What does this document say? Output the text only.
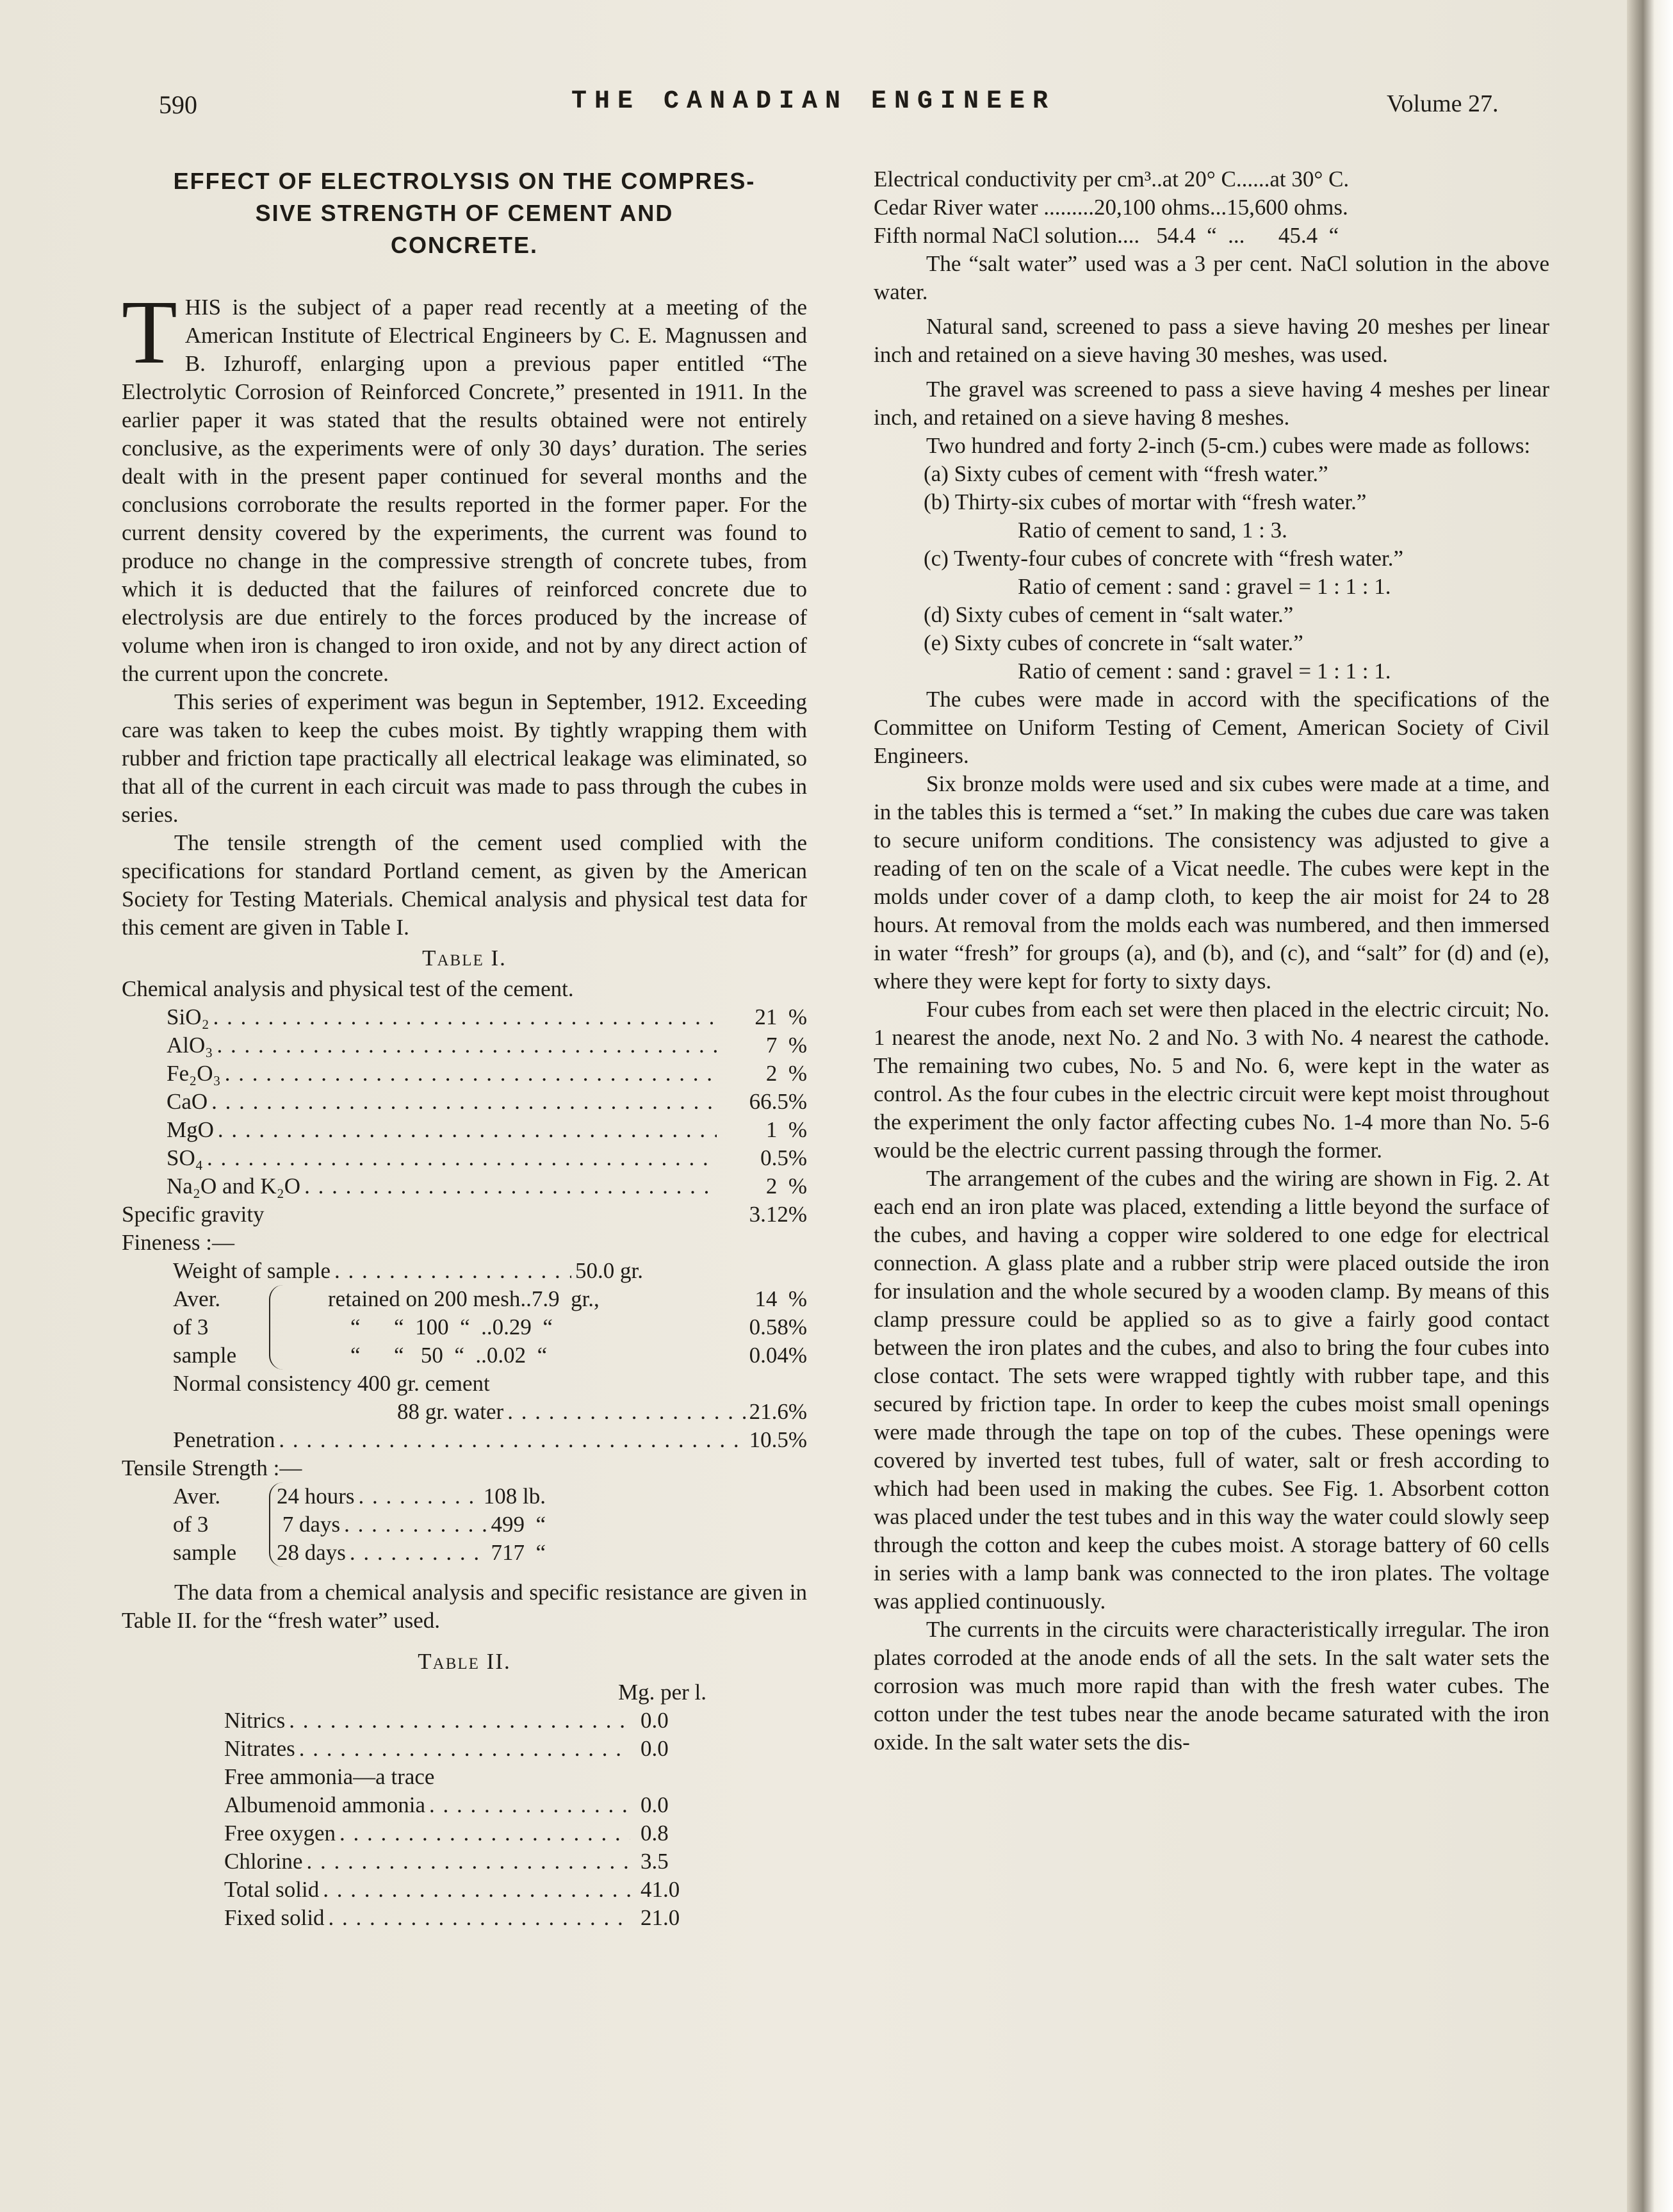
590	THE CANADIAN ENGINEER	Volume 27.
EFFECT OF ELECTROLYSIS ON THE COMPRES-
SIVE STRENGTH OF CEMENT AND
CONCRETE.

THIS is the subject of a paper read recently at a meeting of the American Institute of Electrical Engineers by C. E. Magnussen and B. Izhuroff, enlarging upon a previous paper entitled “The Electrolytic Corrosion of Reinforced Concrete,” presented in 1911. In the earlier paper it was stated that the results obtained were not entirely conclusive, as the experiments were of only 30 days’ duration. The series dealt with in the present paper continued for several months and the conclusions corroborate the results reported in the former paper. For the current density covered by the experiments, the current was found to produce no change in the compressive strength of concrete tubes, from which it is deducted that the failures of reinforced concrete due to electrolysis are due entirely to the forces produced by the increase of volume when iron is changed to iron oxide, and not by any direct action of the current upon the concrete.

This series of experiment was begun in September, 1912. Exceeding care was taken to keep the cubes moist. By tightly wrapping them with rubber and friction tape practically all electrical leakage was eliminated, so that all of the current in each circuit was made to pass through the cubes in series.

The tensile strength of the cement used complied with the specifications for standard Portland cement, as given by the American Society for Testing Materials. Chemical analysis and physical test data for this cement are given in Table I.

Table I.
Chemical analysis and physical test of the cement.
SiO₂ . . .	21  %
AlO₃ . . .	7  %
Fe₂O₃ . . .	2  %
CaO . . .	66.5%
MgO . . .	1  %
SO₄ . . .	0.5%
Na₂O and K₂O . . .	2  %
Specific gravity	3.12%
Fineness :—
Weight of sample . . .	50.0 gr.
Aver.
of 3
sample
retained on 200 mesh..7.9  gr.,	14  %
“      “  100  “  ..0.29  “	0.58%
“      “   50  “  ..0.02  “	0.04%
Normal consistency 400 gr. cement
88 gr. water . . .	21.6%
Penetration . . .	10.5%
Tensile Strength :—
Aver.
of 3
sample
24 hours . . .	108 lb.
7 days . . .	499  “
28 days . . .	717  “

The data from a chemical analysis and specific resistance are given in Table II. for the “fresh water” used.

Table II.
Mg. per l.
Nitrics . . .	0.0
Nitrates . . .	0.0
Free ammonia—a trace
Albumenoid ammonia . . .	0.0
Free oxygen . . .	0.8
Chlorine . . .	3.5
Total solid . . .	41.0
Fixed solid . . .	21.0
Electrical conductivity per cm³..at 20° C......at 30° C.
Cedar River water .........20,100 ohms...15,600 ohms.
Fifth normal NaCl solution....   54.4  “  ...      45.4  “

The “salt water” used was a 3 per cent. NaCl solution in the above water.

Natural sand, screened to pass a sieve having 20 meshes per linear inch and retained on a sieve having 30 meshes, was used.

The gravel was screened to pass a sieve having 4 meshes per linear inch, and retained on a sieve having 8 meshes.

Two hundred and forty 2-inch (5-cm.) cubes were made as follows:

(a) Sixty cubes of cement with “fresh water.”

(b) Thirty-six cubes of mortar with “fresh water.”

Ratio of cement to sand, 1 : 3.

(c) Twenty-four cubes of concrete with “fresh water.”

Ratio of cement : sand : gravel = 1 : 1 : 1.

(d) Sixty cubes of cement in “salt water.”

(e) Sixty cubes of concrete in “salt water.”

Ratio of cement : sand : gravel = 1 : 1 : 1.

The cubes were made in accord with the specifications of the Committee on Uniform Testing of Cement, American Society of Civil Engineers.

Six bronze molds were used and six cubes were made at a time, and in the tables this is termed a “set.” In making the cubes due care was taken to secure uniform conditions. The consistency was adjusted to give a reading of ten on the scale of a Vicat needle. The cubes were kept in the molds under cover of a damp cloth, to keep the air moist for 24 to 28 hours. At removal from the molds each was numbered, and then immersed in water “fresh” for groups (a), and (b), and (c), and “salt” for (d) and (e), where they were kept for forty to sixty days.

Four cubes from each set were then placed in the electric circuit; No. 1 nearest the anode, next No. 2 and No. 3 with No. 4 nearest the cathode. The remaining two cubes, No. 5 and No. 6, were kept in the water as control. As the four cubes in the electric circuit were kept moist throughout the experiment the only factor affecting cubes No. 1-4 more than No. 5-6 would be the electric current passing through the former.

The arrangement of the cubes and the wiring are shown in Fig. 2. At each end an iron plate was placed, extending a little beyond the surface of the cubes, and having a copper wire soldered to one edge for electrical connection. A glass plate and a rubber strip were placed outside the iron for insulation and the whole secured by a wooden clamp. By means of this clamp pressure could be applied so as to give a fairly good contact between the iron plates and the cubes, and also to bring the four cubes into close contact. The sets were wrapped tightly with rubber tape, and this secured by friction tape. In order to keep the cubes moist small openings were made through the tape on top of the cubes. These openings were covered by inverted test tubes, full of water, salt or fresh according to which had been used in making the cubes. See Fig. 1. Absorbent cotton was placed under the test tubes and in this way the water could slowly seep through the cotton and keep the cubes moist. A storage battery of 60 cells in series with a lamp bank was connected to the iron plates. The voltage was applied continuously.

The currents in the circuits were characteristically irregular. The iron plates corroded at the anode ends of all the sets. In the salt water sets the corrosion was much more rapid than with the fresh water cubes. The cotton under the test tubes near the anode became saturated with the iron oxide. In the salt water sets the dis-
